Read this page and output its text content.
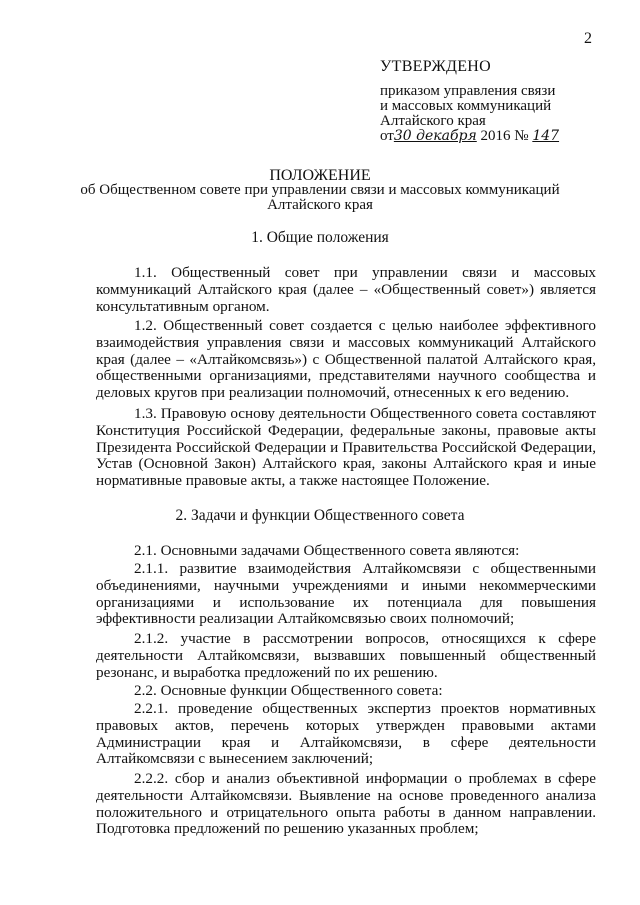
2
УТВЕРЖДЕНО
приказом управления связи
и массовых коммуникаций
Алтайского края
от30 декабря 2016 № 147
ПОЛОЖЕНИЕ
об Общественном совете при управлении связи и массовых коммуникаций
Алтайского края
1. Общие положения

1.1. Общественный совет при управлении связи и массовых коммуникаций Алтайского края (далее – «Общественный совет») является консультативным органом.

1.2. Общественный совет создается с целью наиболее эффективного взаимодействия управления связи и массовых коммуникаций Алтайского края (далее – «Алтайкомсвязь») с Общественной палатой Алтайского края, общественными организациями, представителями научного сообщества и деловых кругов при реализации полномочий, отнесенных к его ведению.

1.3. Правовую основу деятельности Общественного совета составляют Конституция Российской Федерации, федеральные законы, правовые акты Президента Российской Федерации и Правительства Российской Федерации, Устав (Основной Закон) Алтайского края, законы Алтайского края и иные нормативные правовые акты, а также настоящее Положение.

2. Задачи и функции Общественного совета

2.1. Основными задачами Общественного совета являются:

2.1.1. развитие взаимодействия Алтайкомсвязи с общественными объединениями, научными учреждениями и иными некоммерческими организациями и использование их потенциала для повышения эффективности реализации Алтайкомсвязью своих полномочий;

2.1.2. участие в рассмотрении вопросов, относящихся к сфере деятельности Алтайкомсвязи, вызвавших повышенный общественный резонанс, и выработка предложений по их решению.

2.2. Основные функции Общественного совета:

2.2.1. проведение общественных экспертиз проектов нормативных правовых актов, перечень которых утвержден правовыми актами Администрации края и Алтайкомсвязи, в сфере деятельности Алтайкомсвязи с вынесением заключений;

2.2.2. сбор и анализ объективной информации о проблемах в сфере деятельности Алтайкомсвязи. Выявление на основе проведенного анализа положительного и отрицательного опыта работы в данном направлении. Подготовка предложений по решению указанных проблем;
